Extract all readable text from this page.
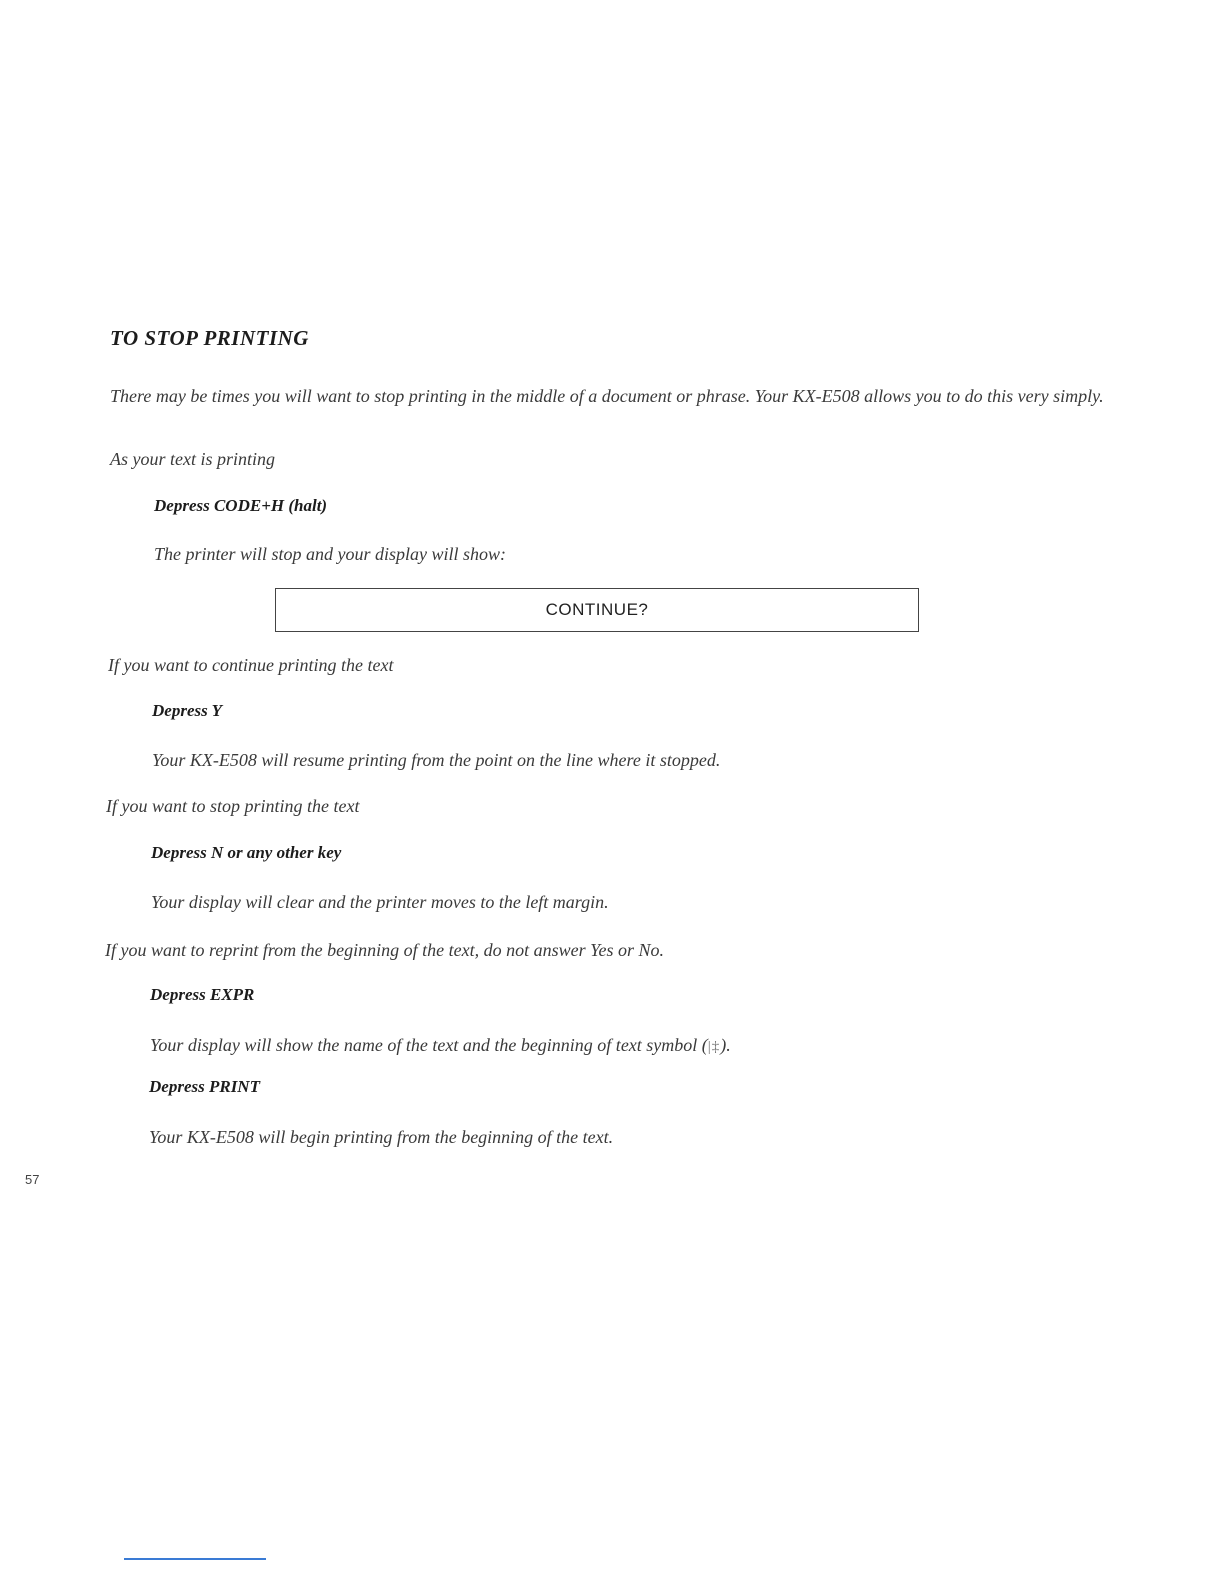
TO STOP PRINTING

There may be times you will want to stop printing in the middle of a document or phrase. Your KX-E508 allows you to do this very simply.

As your text is printing

Depress CODE+H (halt)

The printer will stop and your display will show:

CONTINUE?

If you want to continue printing the text

Depress Y

Your KX-E508 will resume printing from the point on the line where it stopped.

If you want to stop printing the text

Depress N or any other key

Your display will clear and the printer moves to the left margin.

If you want to reprint from the beginning of the text, do not answer Yes or No.

Depress EXPR

Your display will show the name of the text and the beginning of text symbol (|‡).

Depress PRINT

Your KX-E508 will begin printing from the beginning of the text.

57
